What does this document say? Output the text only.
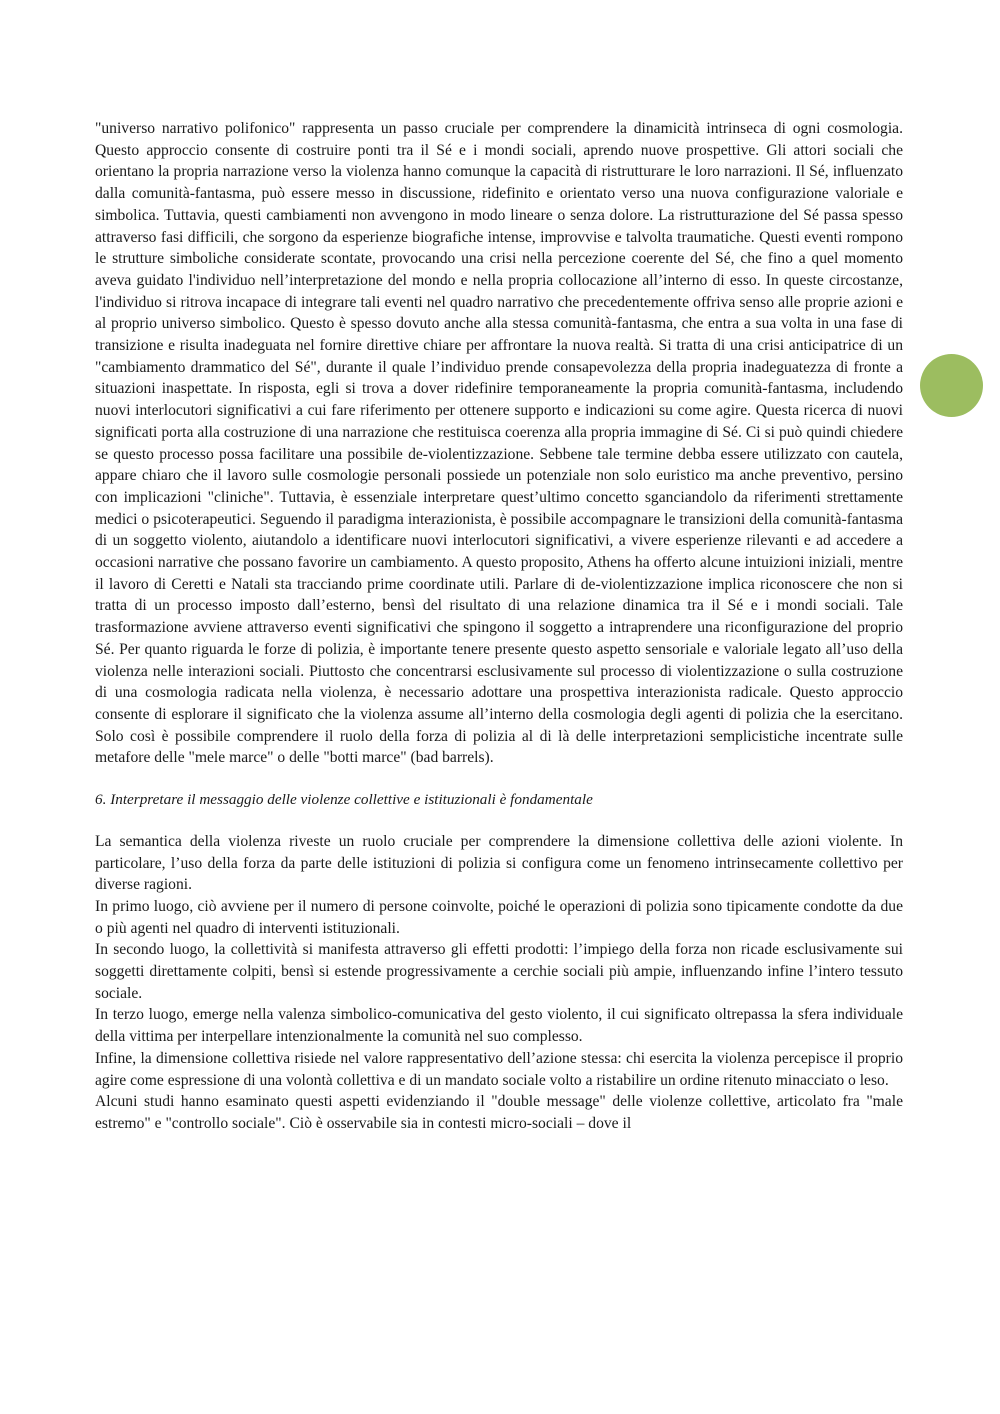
"universo narrativo polifonico" rappresenta un passo cruciale per comprendere la dinamicità intrinseca di ogni cosmologia. Questo approccio consente di costruire ponti tra il Sé e i mondi sociali, aprendo nuove prospettive. Gli attori sociali che orientano la propria narrazione verso la violenza hanno comunque la capacità di ristrutturare le loro narrazioni. Il Sé, influenzato dalla comunità-fantasma, può essere messo in discussione, ridefinito e orientato verso una nuova configurazione valoriale e simbolica. Tuttavia, questi cambiamenti non avvengono in modo lineare o senza dolore. La ristrutturazione del Sé passa spesso attraverso fasi difficili, che sorgono da esperienze biografiche intense, improvvise e talvolta traumatiche. Questi eventi rompono le strutture simboliche considerate scontate, provocando una crisi nella percezione coerente del Sé, che fino a quel momento aveva guidato l'individuo nell’interpretazione del mondo e nella propria collocazione all’interno di esso. In queste circostanze, l'individuo si ritrova incapace di integrare tali eventi nel quadro narrativo che precedentemente offriva senso alle proprie azioni e al proprio universo simbolico. Questo è spesso dovuto anche alla stessa comunità-fantasma, che entra a sua volta in una fase di transizione e risulta inadeguata nel fornire direttive chiare per affrontare la nuova realtà. Si tratta di una crisi anticipatrice di un "cambiamento drammatico del Sé", durante il quale l’individuo prende consapevolezza della propria inadeguatezza di fronte a situazioni inaspettate. In risposta, egli si trova a dover ridefinire temporaneamente la propria comunità-fantasma, includendo nuovi interlocutori significativi a cui fare riferimento per ottenere supporto e indicazioni su come agire. Questa ricerca di nuovi significati porta alla costruzione di una narrazione che restituisca coerenza alla propria immagine di Sé. Ci si può quindi chiedere se questo processo possa facilitare una possibile de-violentizzazione. Sebbene tale termine debba essere utilizzato con cautela, appare chiaro che il lavoro sulle cosmologie personali possiede un potenziale non solo euristico ma anche preventivo, persino con implicazioni "cliniche". Tuttavia, è essenziale interpretare quest’ultimo concetto sganciandolo da riferimenti strettamente medici o psicoterapeutici. Seguendo il paradigma interazionista, è possibile accompagnare le transizioni della comunità-fantasma di un soggetto violento, aiutandolo a identificare nuovi interlocutori significativi, a vivere esperienze rilevanti e ad accedere a occasioni narrative che possano favorire un cambiamento. A questo proposito, Athens ha offerto alcune intuizioni iniziali, mentre il lavoro di Ceretti e Natali sta tracciando prime coordinate utili. Parlare di de-violentizzazione implica riconoscere che non si tratta di un processo imposto dall’esterno, bensì del risultato di una relazione dinamica tra il Sé e i mondi sociali. Tale trasformazione avviene attraverso eventi significativi che spingono il soggetto a intraprendere una riconfigurazione del proprio Sé. Per quanto riguarda le forze di polizia, è importante tenere presente questo aspetto sensoriale e valoriale legato all’uso della violenza nelle interazioni sociali. Piuttosto che concentrarsi esclusivamente sul processo di violentizzazione o sulla costruzione di una cosmologia radicata nella violenza, è necessario adottare una prospettiva interazionista radicale. Questo approccio consente di esplorare il significato che la violenza assume all’interno della cosmologia degli agenti di polizia che la esercitano. Solo così è possibile comprendere il ruolo della forza di polizia al di là delle interpretazioni semplicistiche incentrate sulle metafore delle "mele marce" o delle "botti marce" (bad barrels).

6. Interpretare il messaggio delle violenze collettive e istituzionali è fondamentale

La semantica della violenza riveste un ruolo cruciale per comprendere la dimensione collettiva delle azioni violente. In particolare, l’uso della forza da parte delle istituzioni di polizia si configura come un fenomeno intrinsecamente collettivo per diverse ragioni.

In primo luogo, ciò avviene per il numero di persone coinvolte, poiché le operazioni di polizia sono tipicamente condotte da due o più agenti nel quadro di interventi istituzionali.

In secondo luogo, la collettività si manifesta attraverso gli effetti prodotti: l’impiego della forza non ricade esclusivamente sui soggetti direttamente colpiti, bensì si estende progressivamente a cerchie sociali più ampie, influenzando infine l’intero tessuto sociale.

In terzo luogo, emerge nella valenza simbolico-comunicativa del gesto violento, il cui significato oltrepassa la sfera individuale della vittima per interpellare intenzionalmente la comunità nel suo complesso.

Infine, la dimensione collettiva risiede nel valore rappresentativo dell’azione stessa: chi esercita la violenza percepisce il proprio agire come espressione di una volontà collettiva e di un mandato sociale volto a ristabilire un ordine ritenuto minacciato o leso.

Alcuni studi hanno esaminato questi aspetti evidenziando il "double message" delle violenze collettive, articolato fra "male estremo" e "controllo sociale". Ciò è osservabile sia in contesti micro-sociali – dove il
